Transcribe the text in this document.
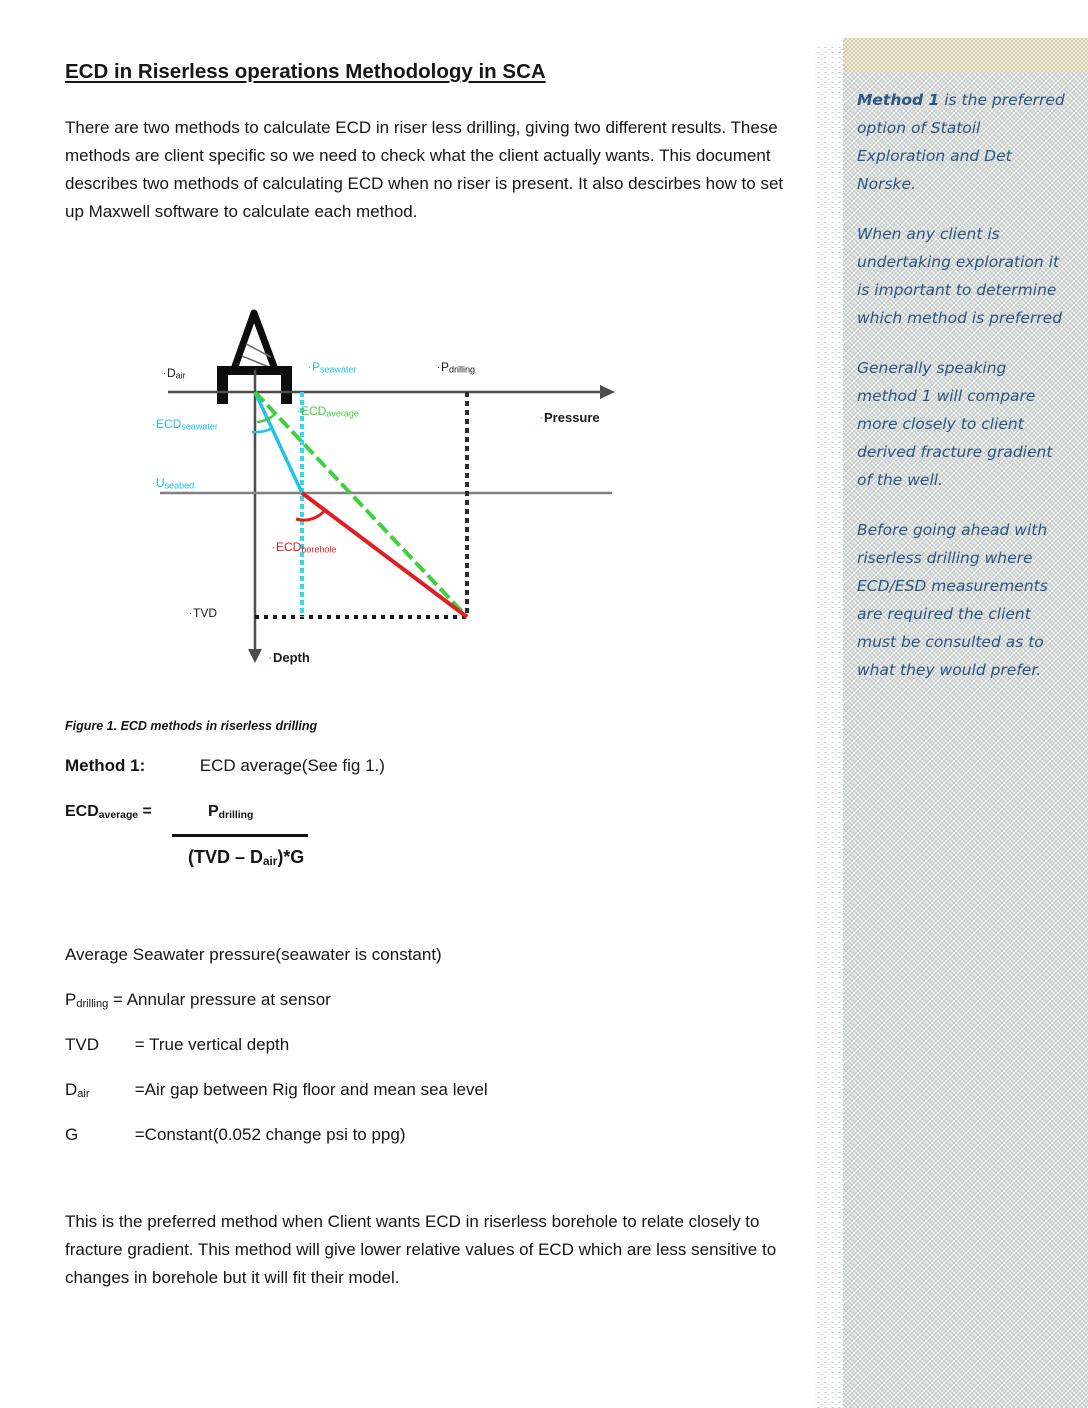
ECD in Riserless operations Methodology in SCA
There are two methods to calculate ECD in riser less drilling, giving two different results. These methods are client specific so we need to check what the client actually wants. This document describes two methods of calculating ECD when no riser is present. It also descirbes how to set up Maxwell software to calculate each method.
·Dair
·Pseawater	·Pdrilling
·Pressure
·ECDaverage
·ECDseawater
·Useabed
·ECDborehole
·TVD
·Depth
Figure 1. ECD methods in riserless drilling
Method 1:	ECD average(See fig 1.)
ECDaverage =	Pdrilling
(TVD – Dair)*G
Average Seawater pressure(seawater is constant)
Pdrilling = Annular pressure at sensor
TVD = True vertical depth
Dair	=Air gap between Rig floor and mean sea level
G	=Constant(0.052 change psi to ppg)
This is the preferred method when Client wants ECD in riserless borehole to relate closely to fracture gradient. This method will give lower relative values of ECD which are less sensitive to changes in borehole but it will fit their model.

Method 1 is the preferred option of Statoil Exploration and Det Norske.

When any client is undertaking exploration it is important to determine which method is preferred

Generally speaking method 1 will compare more closely to client derived fracture gradient of the well.

Before going ahead with riserless drilling where ECD/ESD measurements are required the client must be consulted as to what they would prefer.
